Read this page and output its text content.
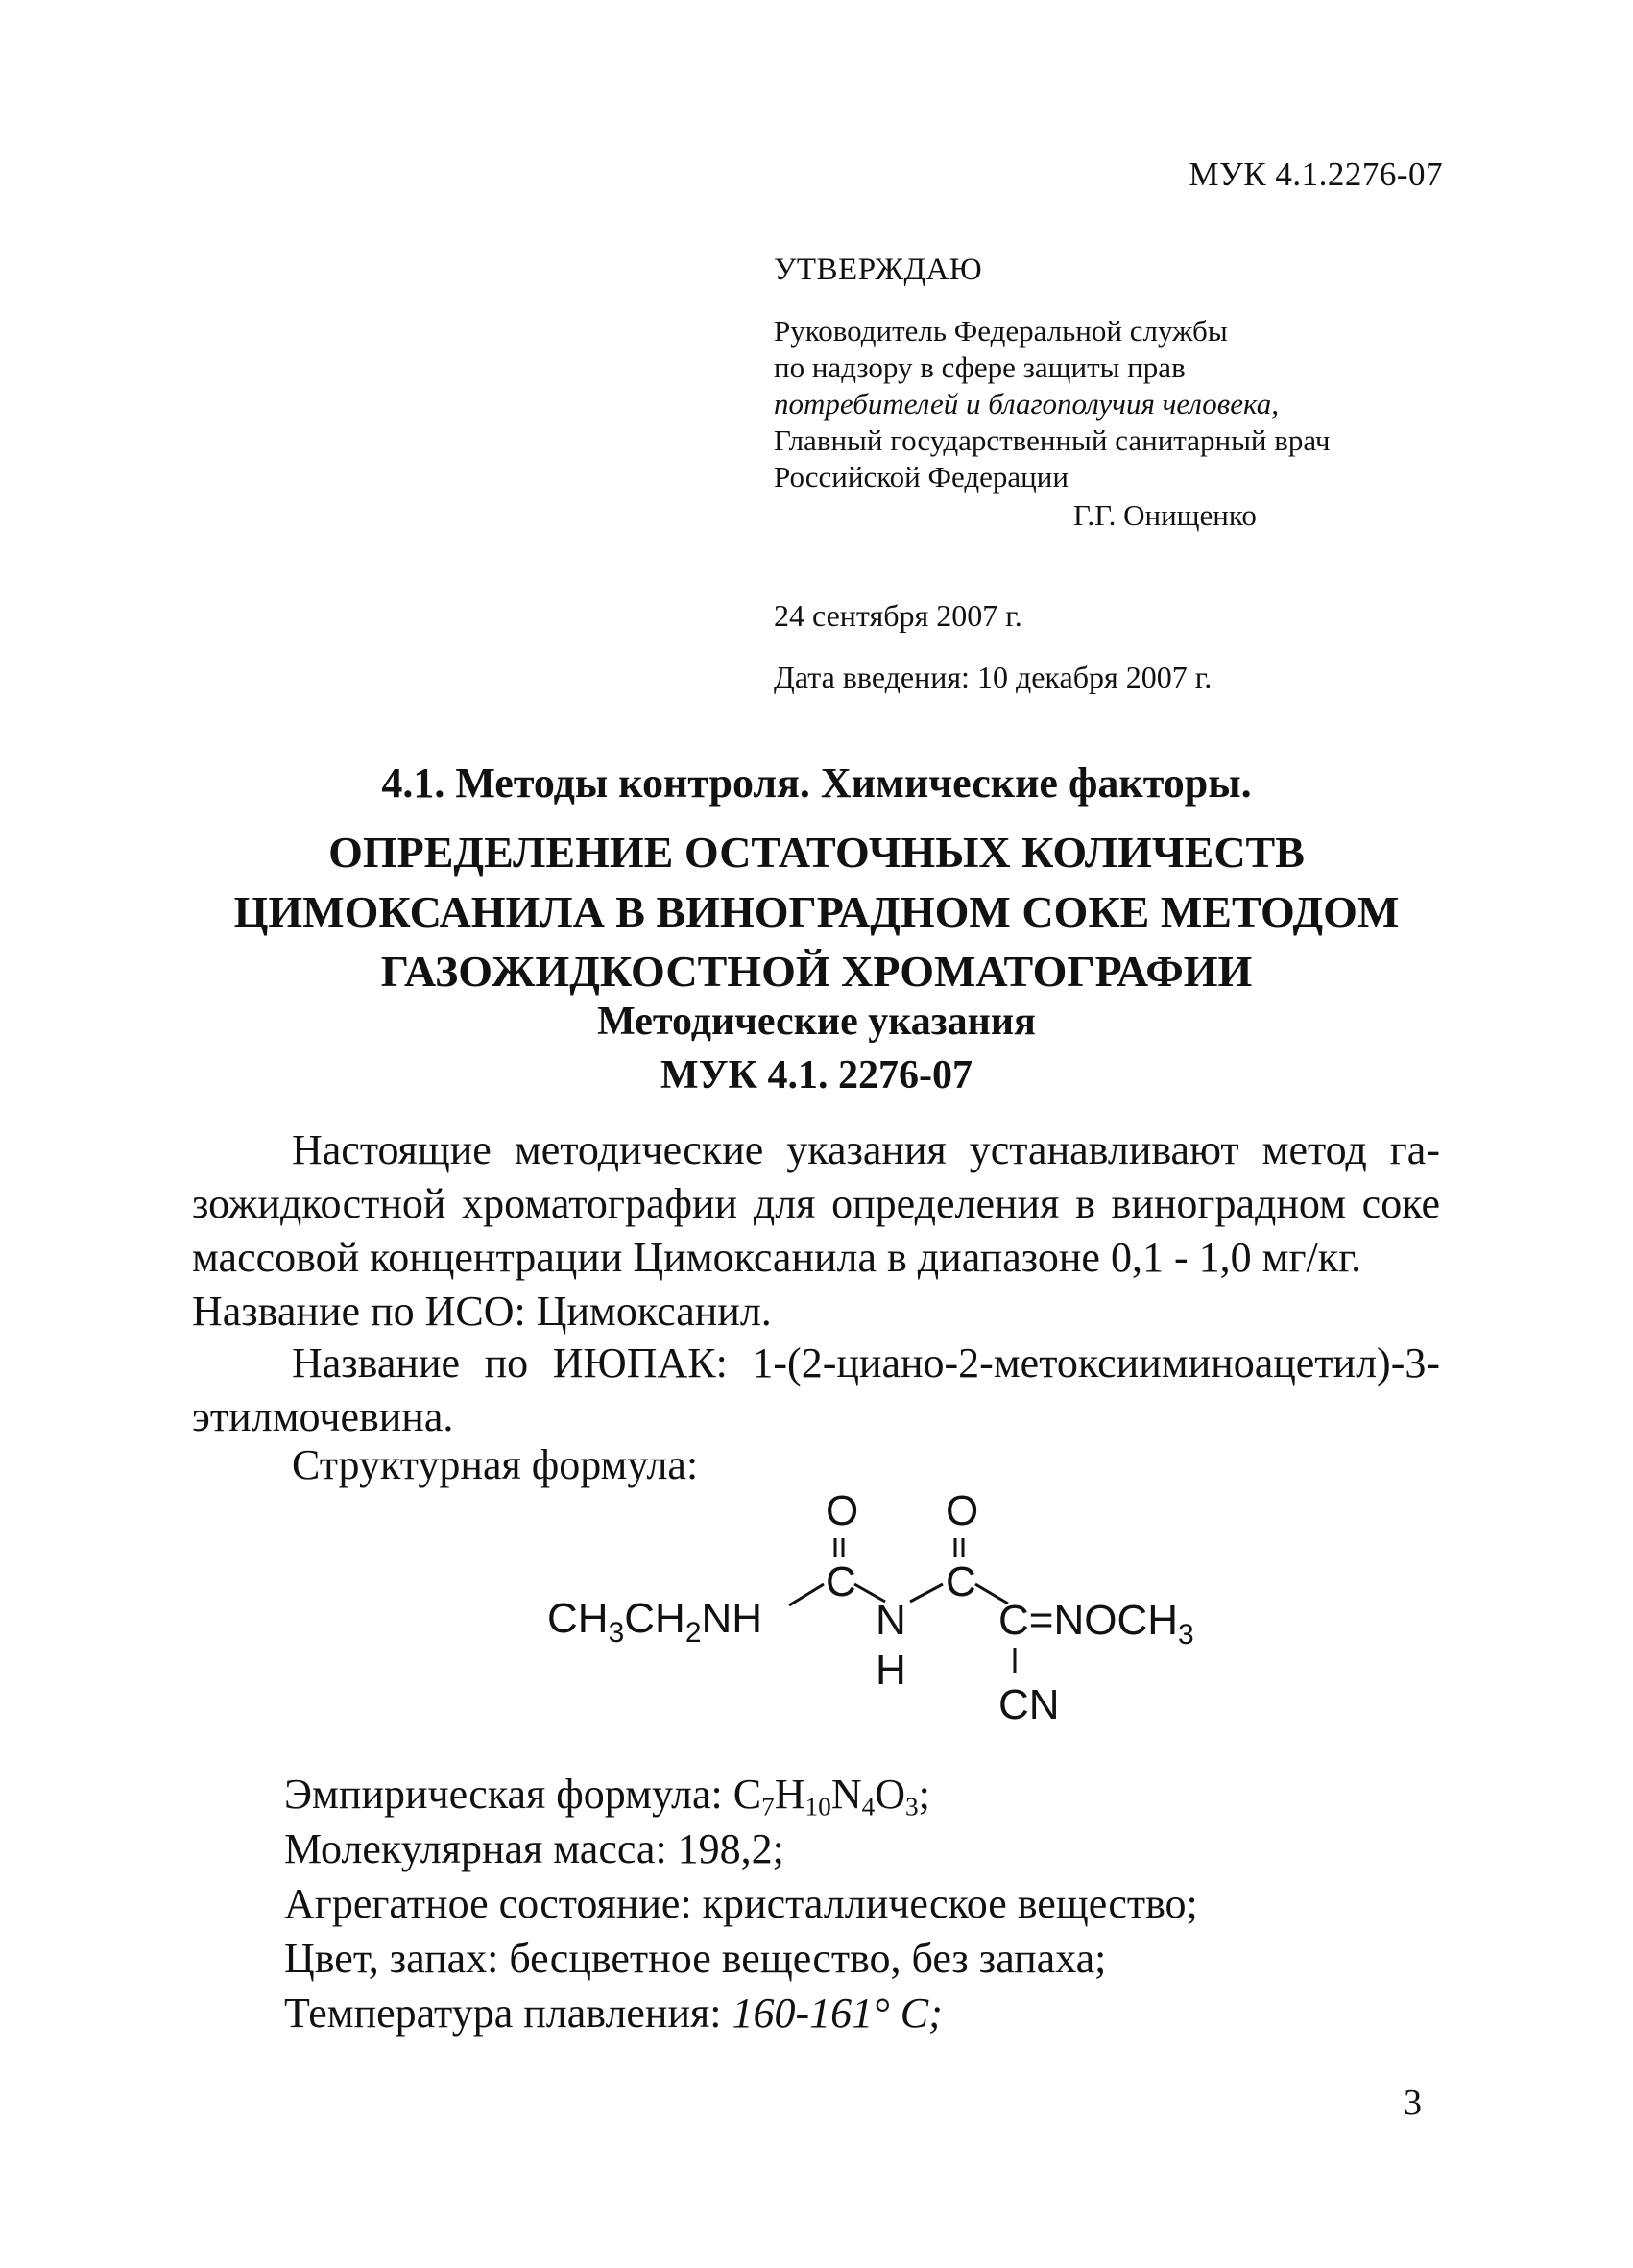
МУК 4.1.2276-07
УТВЕРЖДАЮ
Руководитель Федеральной службы
по надзору в сфере защиты прав
потребителей и благополучия человека,
Главный государственный санитарный врач
Российской Федерации
Г.Г. Онищенко
24 сентября 2007 г.
Дата введения: 10 декабря 2007 г.
4.1. Методы контроля. Химические факторы.
ОПРЕДЕЛЕНИЕ ОСТАТОЧНЫХ КОЛИЧЕСТВ
ЦИМОКСАНИЛА В ВИНОГРАДНОМ СОКЕ МЕТОДОМ
ГАЗОЖИДКОСТНОЙ ХРОМАТОГРАФИИ
Методические указания
МУК 4.1. 2276-07
Настоящие методические указания устанавливают метод га-
зожидкостной хроматографии для определения в виноградном соке
массовой концентрации Цимоксанила в диапазоне 0,1 - 1,0 мг/кг.
Название по ИСО: Цимоксанил.
Название по ИЮПАК: 1-(2-циано-2-метоксииминоацетил)-3-
этилмочевина.
Структурная формула:
$CH_3CH_2NH$
O
C
N
H
O
C
$C=NOCH_3$
CN
Эмпирическая формула: $C_7H_{10}N_4O_3$;
Молекулярная масса: 198,2;
Агрегатное состояние: кристаллическое вещество;
Цвет, запах: бесцветное вещество, без запаха;
Температура плавления: 160-161° С;
3
